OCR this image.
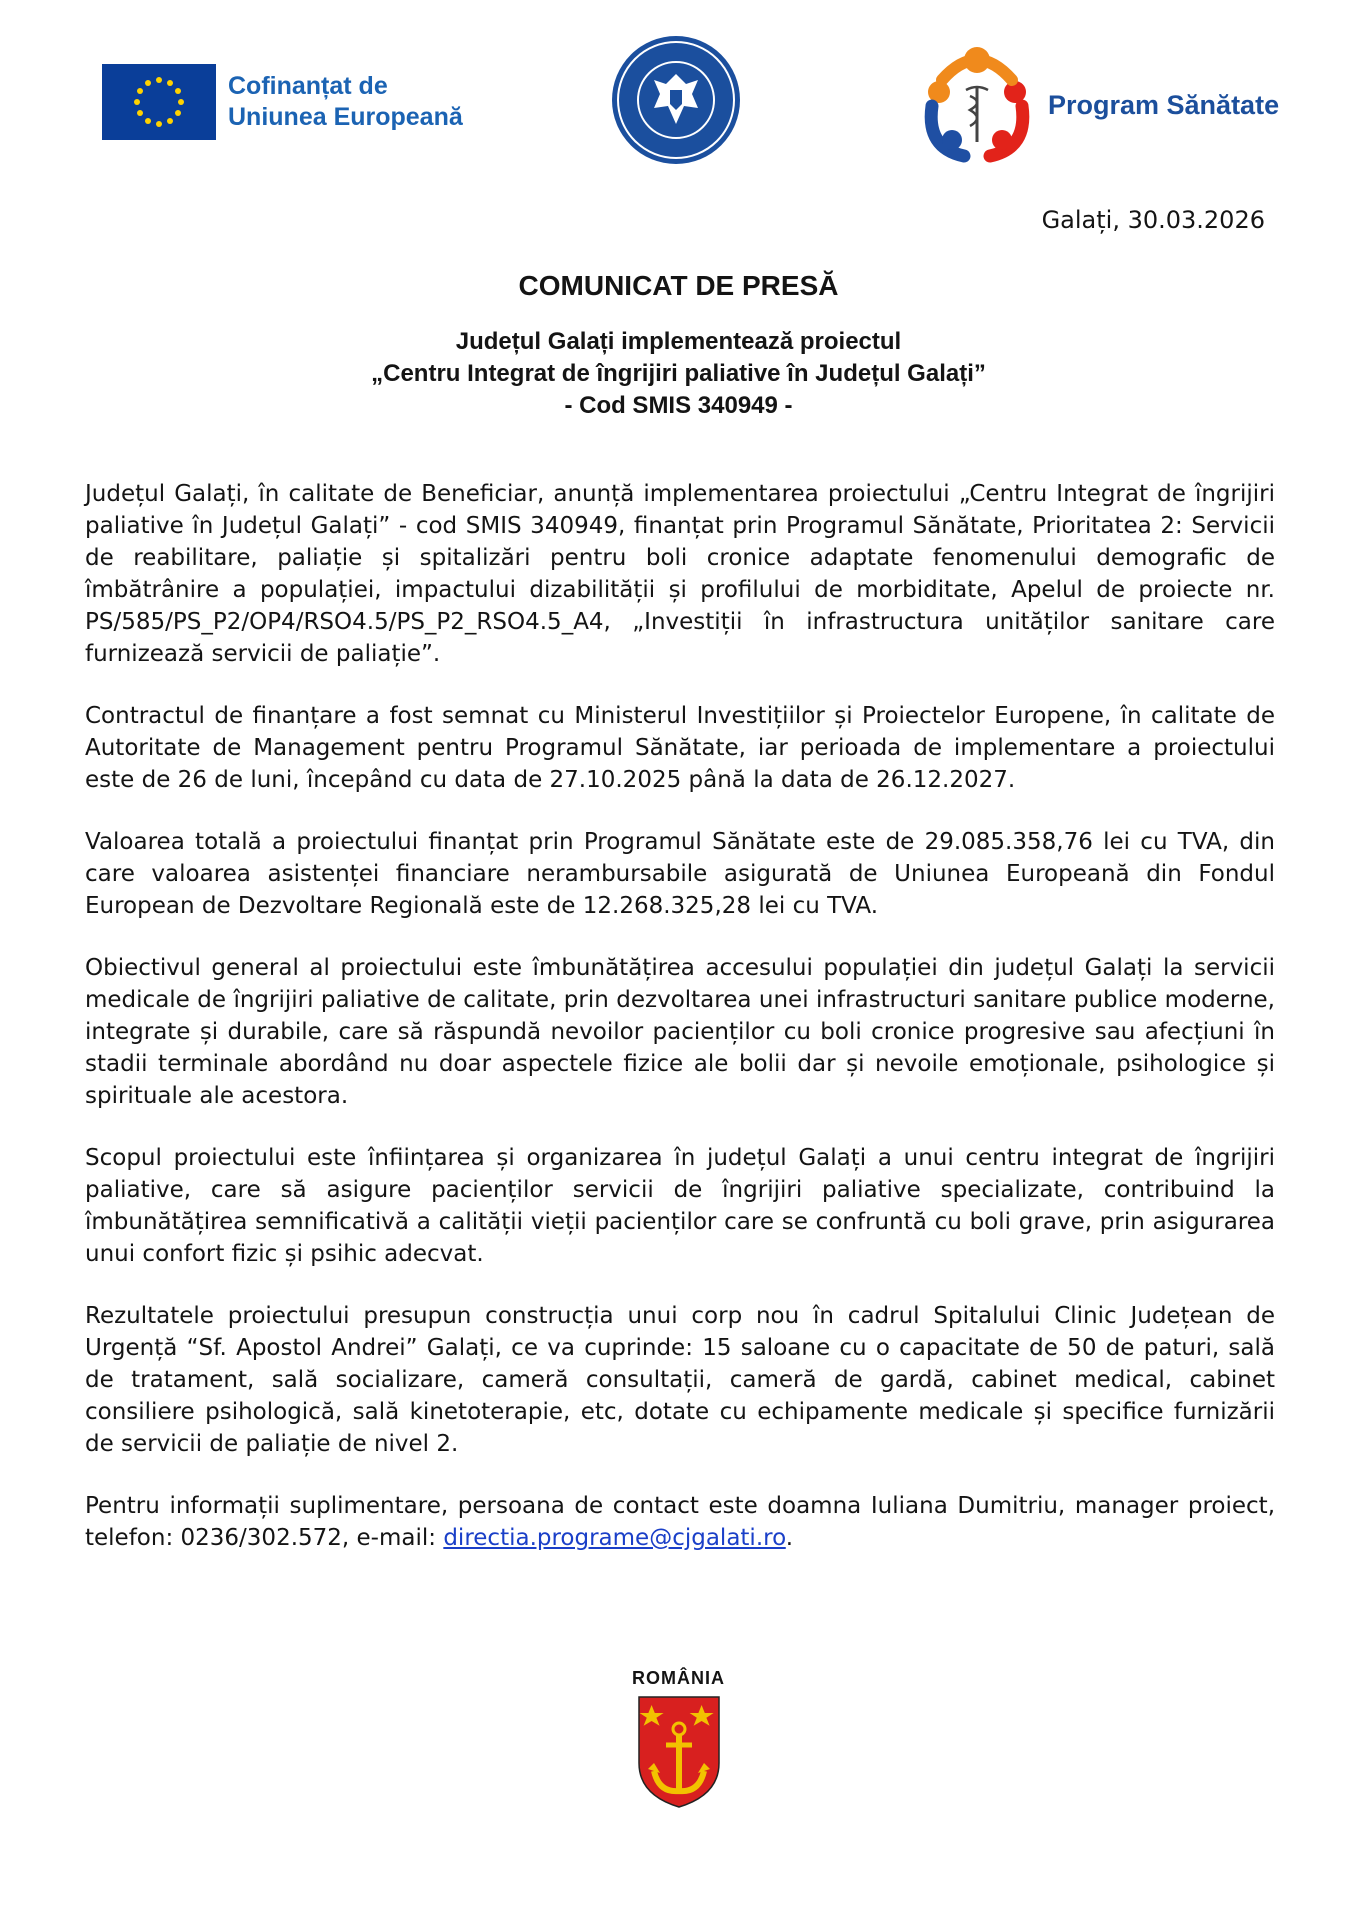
Cofinanțat de
Uniunea Europeană	Program Sănătate
Galați, 30.03.2026
COMUNICAT DE PRESĂ
Județul Galați implementează proiectul
„Centru Integrat de îngrijiri paliative în Județul Galați”
- Cod SMIS 340949 -

Județul Galați, în calitate de Beneficiar, anunță implementarea proiectului „Centru Integrat de îngrijiri paliative în Județul Galați” - cod SMIS 340949, finanțat prin Programul Sănătate, Prioritatea 2: Servicii de reabilitare, paliație și spitalizări pentru boli cronice adaptate fenomenului demografic de îmbătrânire a populației, impactului dizabilității și profilului de morbiditate, Apelul de proiecte nr. PS/585/PS_P2/OP4/RSO4.5/PS_P2_RSO4.5_A4, „Investiții în infrastructura unităților sanitare care furnizează servicii de paliație”.

Contractul de finanțare a fost semnat cu Ministerul Investițiilor și Proiectelor Europene, în calitate de Autoritate de Management pentru Programul Sănătate, iar perioada de implementare a proiectului este de 26 de luni, începând cu data de 27.10.2025 până la data de 26.12.2027.

Valoarea totală a proiectului finanțat prin Programul Sănătate este de 29.085.358,76 lei cu TVA, din care valoarea asistenței financiare nerambursabile asigurată de Uniunea Europeană din Fondul European de Dezvoltare Regională este de 12.268.325,28 lei cu TVA.

Obiectivul general al proiectului este îmbunătățirea accesului populației din județul Galați la servicii medicale de îngrijiri paliative de calitate, prin dezvoltarea unei infrastructuri sanitare publice moderne, integrate și durabile, care să răspundă nevoilor pacienților cu boli cronice progresive sau afecțiuni în stadii terminale abordând nu doar aspectele fizice ale bolii dar și nevoile emoționale, psihologice și spirituale ale acestora.

Scopul proiectului este înființarea și organizarea în județul Galați a unui centru integrat de îngrijiri paliative, care să asigure pacienților servicii de îngrijiri paliative specializate, contribuind la îmbunătățirea semnificativă a calității vieții pacienților care se confruntă cu boli grave, prin asigurarea unui confort fizic și psihic adecvat.

Rezultatele proiectului presupun construcția unui corp nou în cadrul Spitalului Clinic Județean de Urgență “Sf. Apostol Andrei” Galați, ce va cuprinde: 15 saloane cu o capacitate de 50 de paturi, sală de tratament, sală socializare, cameră consultații, cameră de gardă, cabinet medical, cabinet consiliere psihologică, sală kinetoterapie, etc, dotate cu echipamente medicale și specifice furnizării de servicii de paliație de nivel 2.

Pentru informații suplimentare, persoana de contact este doamna Iuliana Dumitriu, manager proiect, telefon: 0236/302.572, e-mail: directia.programe@cjgalati.ro.

ROMÂNIA
